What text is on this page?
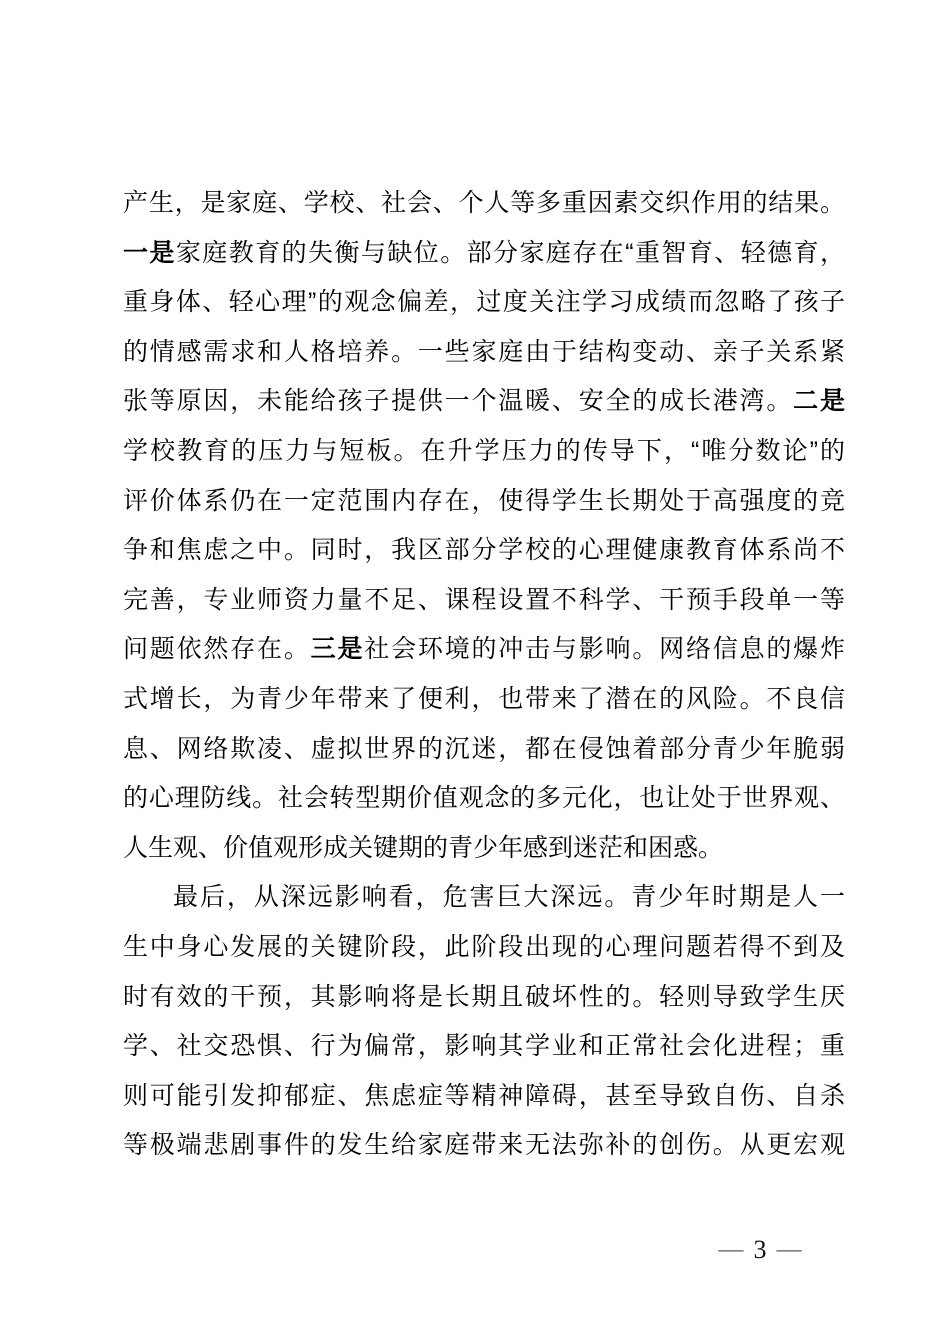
产生，是家庭、学校、社会、个人等多重因素交织作用的结果。
一是家庭教育的失衡与缺位。部分家庭存在“重智育、轻德育，
重身体、轻心理”的观念偏差，过度关注学习成绩而忽略了孩子
的情感需求和人格培养。一些家庭由于结构变动、亲子关系紧
张等原因，未能给孩子提供一个温暖、安全的成长港湾。二是
学校教育的压力与短板。在升学压力的传导下，“唯分数论”的
评价体系仍在一定范围内存在，使得学生长期处于高强度的竞
争和焦虑之中。同时，我区部分学校的心理健康教育体系尚不
完善，专业师资力量不足、课程设置不科学、干预手段单一等
问题依然存在。三是社会环境的冲击与影响。网络信息的爆炸
式增长，为青少年带来了便利，也带来了潜在的风险。不良信
息、网络欺凌、虚拟世界的沉迷，都在侵蚀着部分青少年脆弱
的心理防线。社会转型期价值观念的多元化，也让处于世界观、
人生观、价值观形成关键期的青少年感到迷茫和困惑。
最后，从深远影响看，危害巨大深远。青少年时期是人一
生中身心发展的关键阶段，此阶段出现的心理问题若得不到及
时有效的干预，其影响将是长期且破坏性的。轻则导致学生厌
学、社交恐惧、行为偏常，影响其学业和正常社会化进程；重
则可能引发抑郁症、焦虑症等精神障碍，甚至导致自伤、自杀
等极端悲剧事件的发生给家庭带来无法弥补的创伤。从更宏观
— 3 —
